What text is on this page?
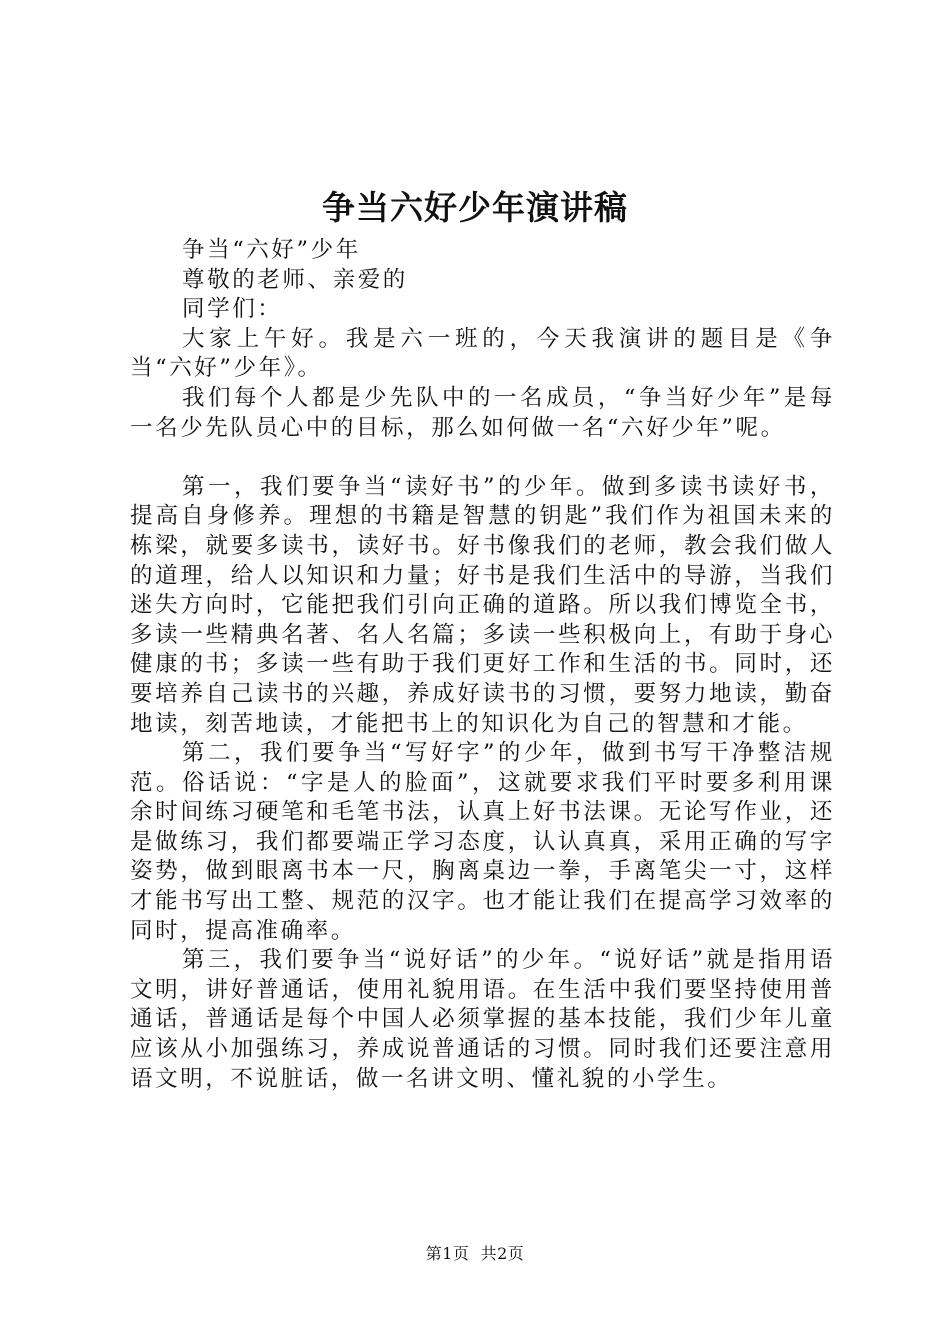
争当六好少年演讲稿

争当“六好”少年

尊敬的老师、亲爱的

同学们：

大家上午好。我是六一班的，今天我演讲的题目是《争当“六好”少年》。

我们每个人都是少先队中的一名成员，“争当好少年”是每一名少先队员心中的目标，那么如何做一名“六好少年”呢。

第一，我们要争当“读好书”的少年。做到多读书读好书，提高自身修养。理想的书籍是智慧的钥匙”我们作为祖国未来的栋梁，就要多读书，读好书。好书像我们的老师，教会我们做人的道理，给人以知识和力量；好书是我们生活中的导游，当我们迷失方向时，它能把我们引向正确的道路。所以我们博览全书，多读一些精典名著、名人名篇；多读一些积极向上，有助于身心健康的书；多读一些有助于我们更好工作和生活的书。同时，还要培养自己读书的兴趣，养成好读书的习惯，要努力地读，勤奋地读，刻苦地读，才能把书上的知识化为自己的智慧和才能。

第二，我们要争当“写好字”的少年，做到书写干净整洁规范。俗话说：“字是人的脸面”，这就要求我们平时要多利用课余时间练习硬笔和毛笔书法，认真上好书法课。无论写作业，还是做练习，我们都要端正学习态度，认认真真，采用正确的写字姿势，做到眼离书本一尺，胸离桌边一拳，手离笔尖一寸，这样才能书写出工整、规范的汉字。也才能让我们在提高学习效率的同时，提高准确率。

第三，我们要争当“说好话”的少年。“说好话”就是指用语文明，讲好普通话，使用礼貌用语。在生活中我们要坚持使用普通话，普通话是每个中国人必须掌握的基本技能，我们少年儿童应该从小加强练习，养成说普通话的习惯。同时我们还要注意用语文明，不说脏话，做一名讲文明、懂礼貌的小学生。

第1页  共2页
